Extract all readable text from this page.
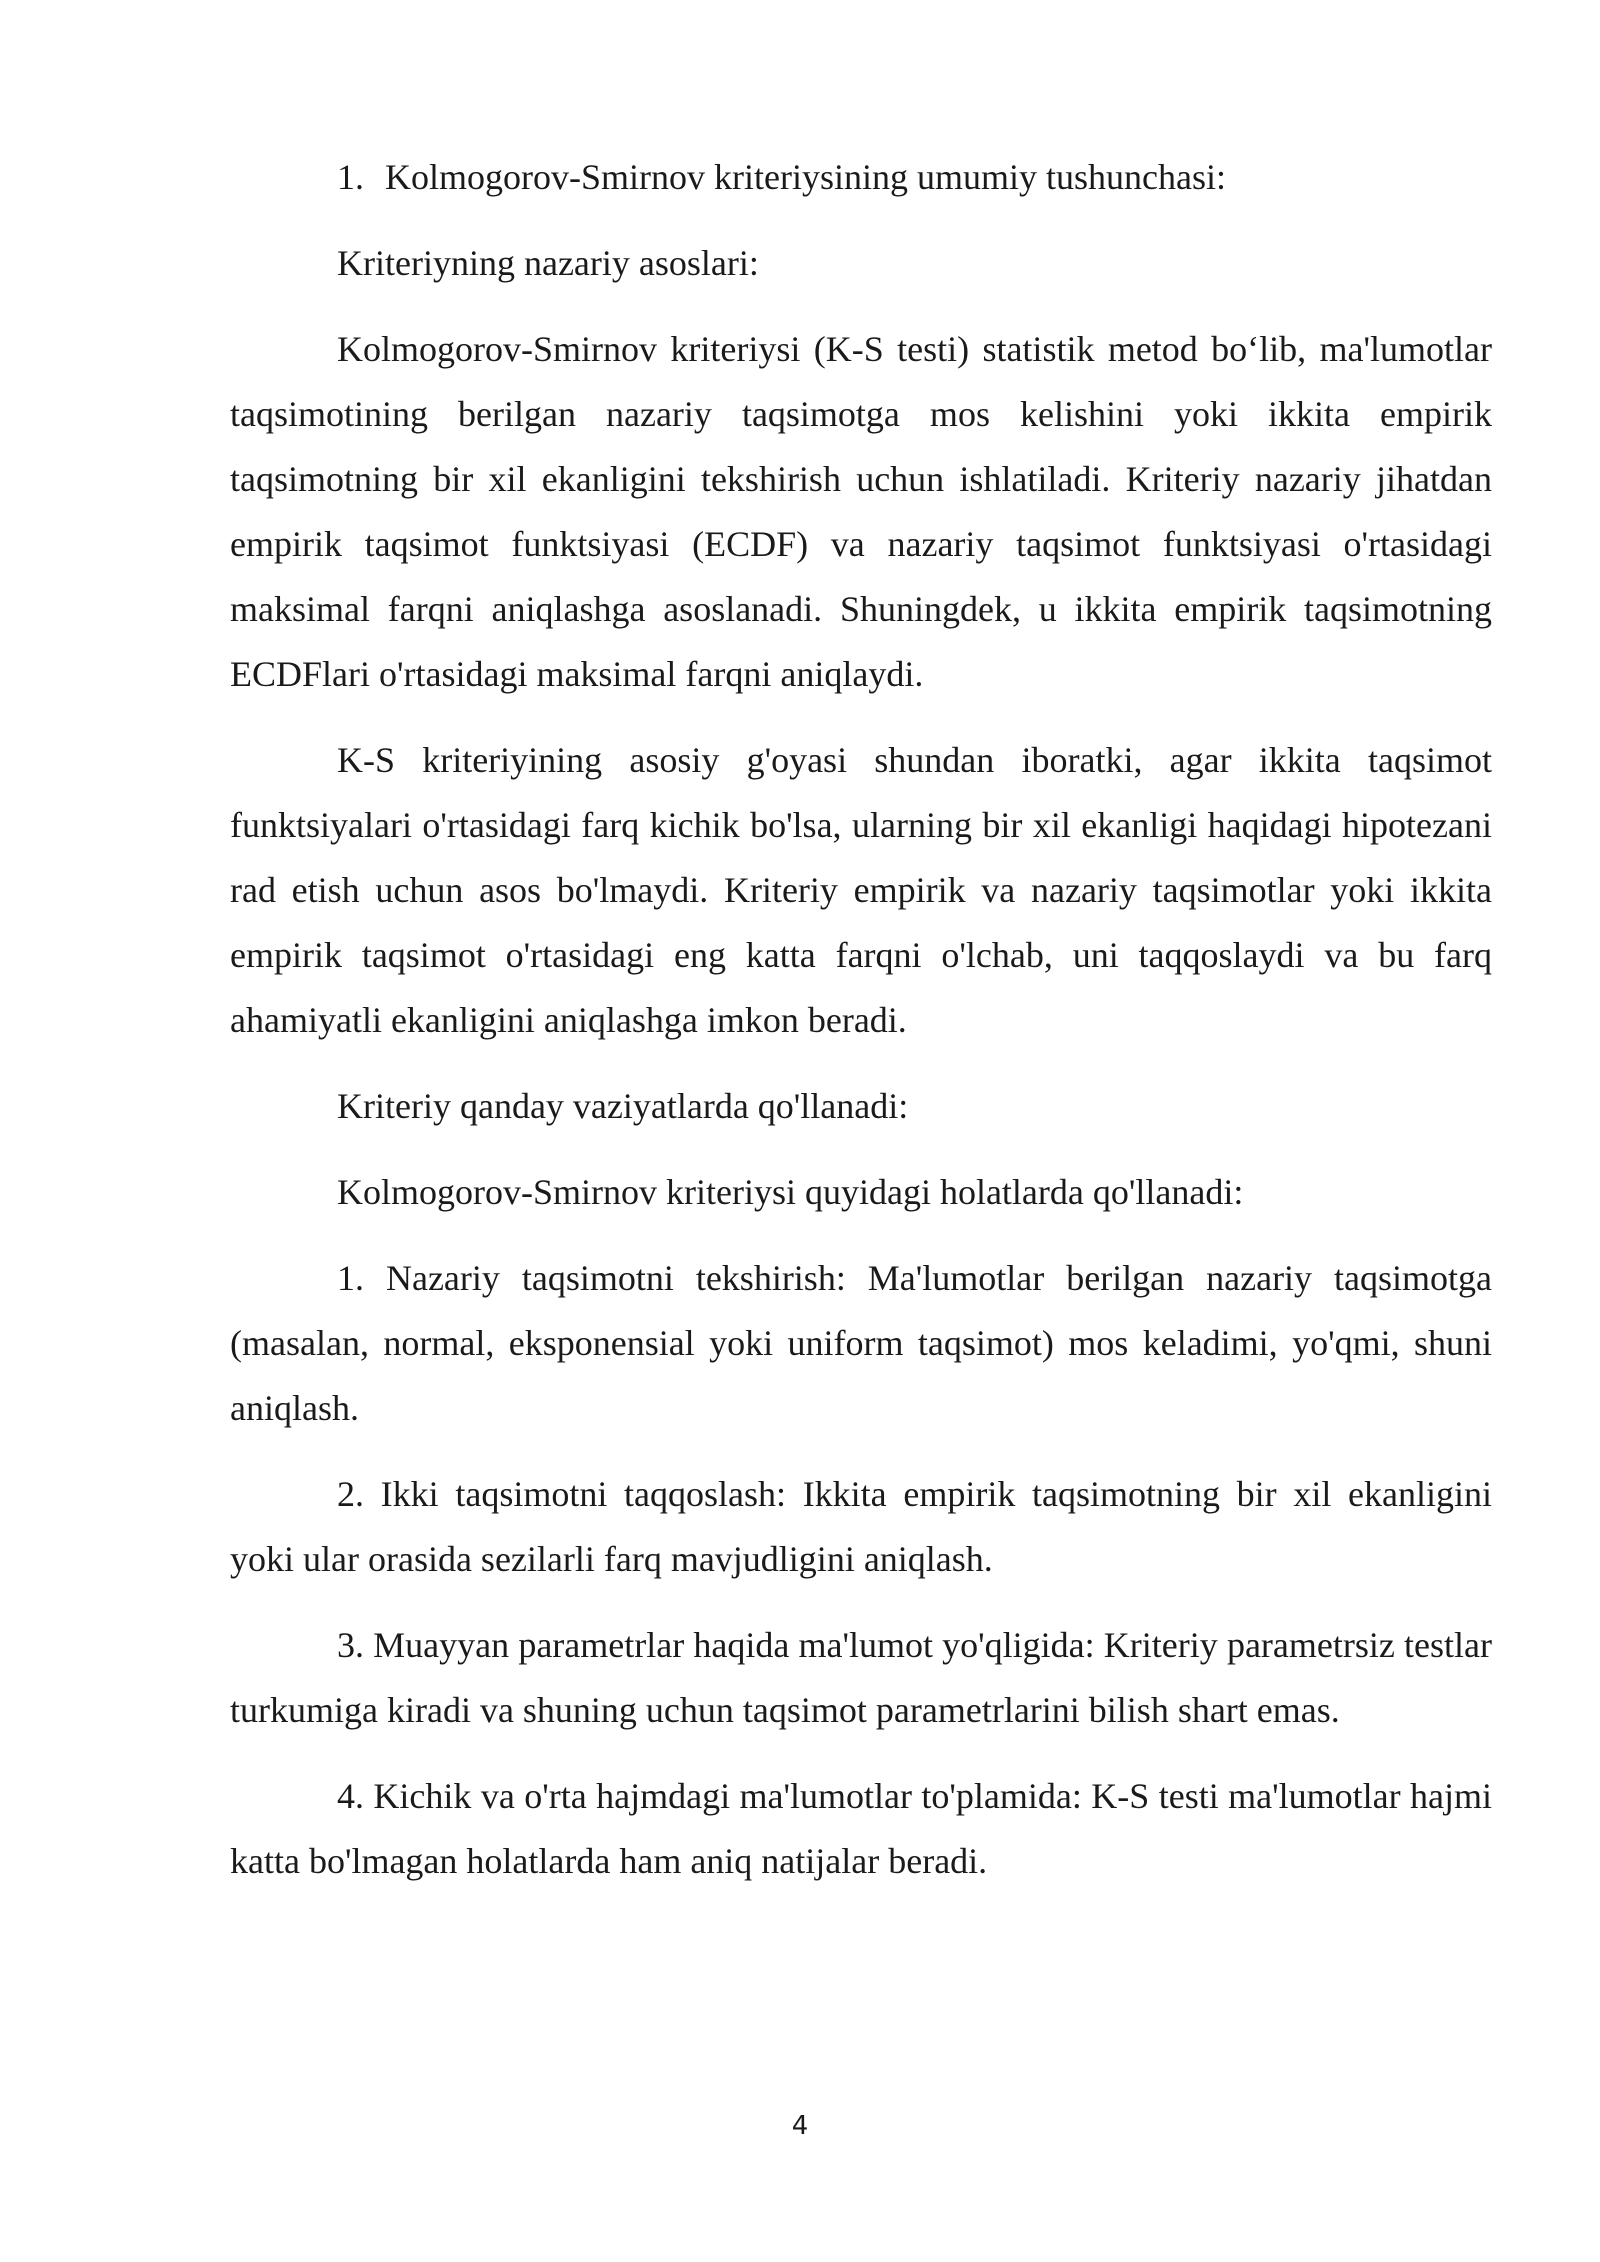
1. Kolmogorov-Smirnov kriteriysining umumiy tushunchasi:

Kriteriyning nazariy asoslari:

Kolmogorov-Smirnov kriteriysi (K-S testi) statistik metod bo‘lib, ma'lumotlar taqsimotining berilgan nazariy taqsimotga mos kelishini yoki ikkita empirik taqsimotning bir xil ekanligini tekshirish uchun ishlatiladi. Kriteriy nazariy jihatdan empirik taqsimot funktsiyasi (ECDF) va nazariy taqsimot funktsiyasi o'rtasidagi maksimal farqni aniqlashga asoslanadi. Shuningdek, u ikkita empirik taqsimotning ECDFlari o'rtasidagi maksimal farqni aniqlaydi.

K-S kriteriyining asosiy g'oyasi shundan iboratki, agar ikkita taqsimot funktsiyalari o'rtasidagi farq kichik bo'lsa, ularning bir xil ekanligi haqidagi hipotezani rad etish uchun asos bo'lmaydi. Kriteriy empirik va nazariy taqsimotlar yoki ikkita empirik taqsimot o'rtasidagi eng katta farqni o'lchab, uni taqqoslaydi va bu farq ahamiyatli ekanligini aniqlashga imkon beradi.

Kriteriy qanday vaziyatlarda qo'llanadi:

Kolmogorov-Smirnov kriteriysi quyidagi holatlarda qo'llanadi:

1. Nazariy taqsimotni tekshirish: Ma'lumotlar berilgan nazariy taqsimotga (masalan, normal, eksponensial yoki uniform taqsimot) mos keladimi, yo'qmi, shuni aniqlash.

2. Ikki taqsimotni taqqoslash: Ikkita empirik taqsimotning bir xil ekanligini yoki ular orasida sezilarli farq mavjudligini aniqlash.

3. Muayyan parametrlar haqida ma'lumot yo'qligida: Kriteriy parametrsiz testlar turkumiga kiradi va shuning uchun taqsimot parametrlarini bilish shart emas.

4. Kichik va o'rta hajmdagi ma'lumotlar to'plamida: K-S testi ma'lumotlar hajmi katta bo'lmagan holatlarda ham aniq natijalar beradi.

4
